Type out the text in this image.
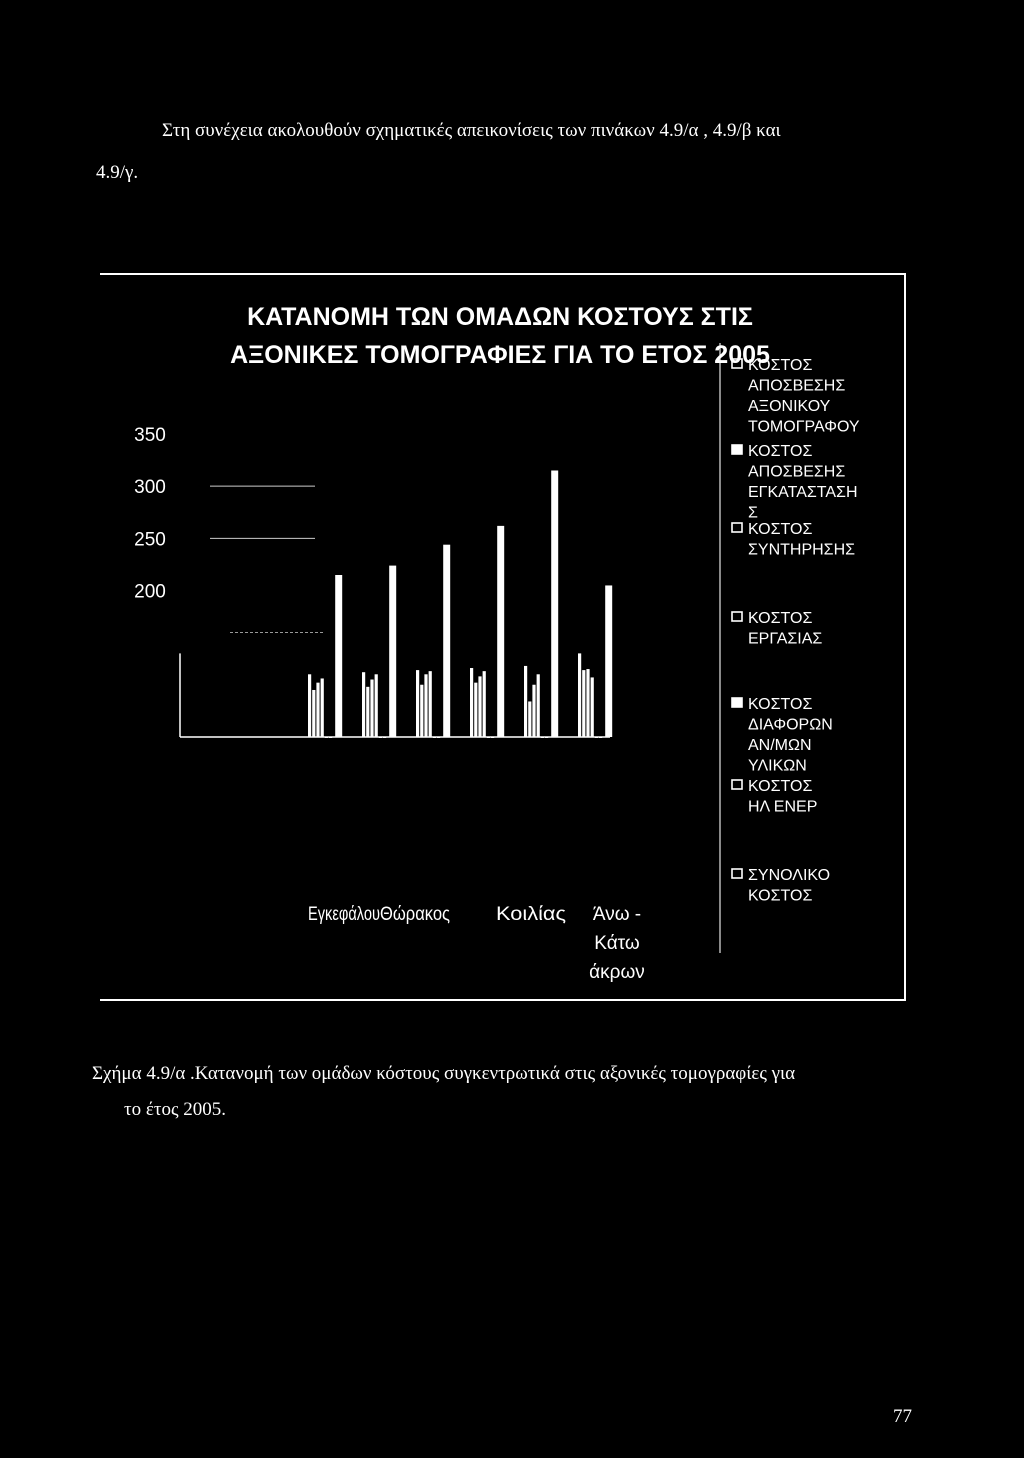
Στη συνέχεια ακολουθούν σχηματικές απεικονίσεις των πινάκων 4.9/α , 4.9/β και
4.9/γ.
ΚΑΤΑΝΟΜΗ ΤΩΝ ΟΜΑΔΩΝ ΚΟΣΤΟΥΣ ΣΤΙΣ
ΑΞΟΝΙΚΕΣ ΤΟΜΟΓΡΑΦΙΕΣ ΓΙΑ ΤΟ ΕΤΟΣ 2005
350
300
250
200
Εγκεφάλου Θώρακος Κοιλίας Άνω -
Κάτω
άκρων
ΚΟΣΤΟΣ
ΑΠΟΣΒΕΣΗΣ
ΑΞΟΝΙΚΟΥ
ΤΟΜΟΓΡΑΦΟΥ
ΚΟΣΤΟΣ
ΑΠΟΣΒΕΣΗΣ
ΕΓΚΑΤΑΣΤΑΣΗ
Σ
ΚΟΣΤΟΣ
ΣΥΝΤΗΡΗΣΗΣ
ΚΟΣΤΟΣ
ΕΡΓΑΣΙΑΣ
ΚΟΣΤΟΣ
ΔΙΑΦΟΡΩΝ
ΑΝ/ΜΩΝ
ΥΛΙΚΩΝ
ΚΟΣΤΟΣ
ΗΛ ΕΝΕΡ
ΣΥΝΟΛΙΚΟ
ΚΟΣΤΟΣ
Σχήμα 4.9/α .Κατανομή των ομάδων κόστους συγκεντρωτικά στις αξονικές τομογραφίες για
το έτος 2005.
77
